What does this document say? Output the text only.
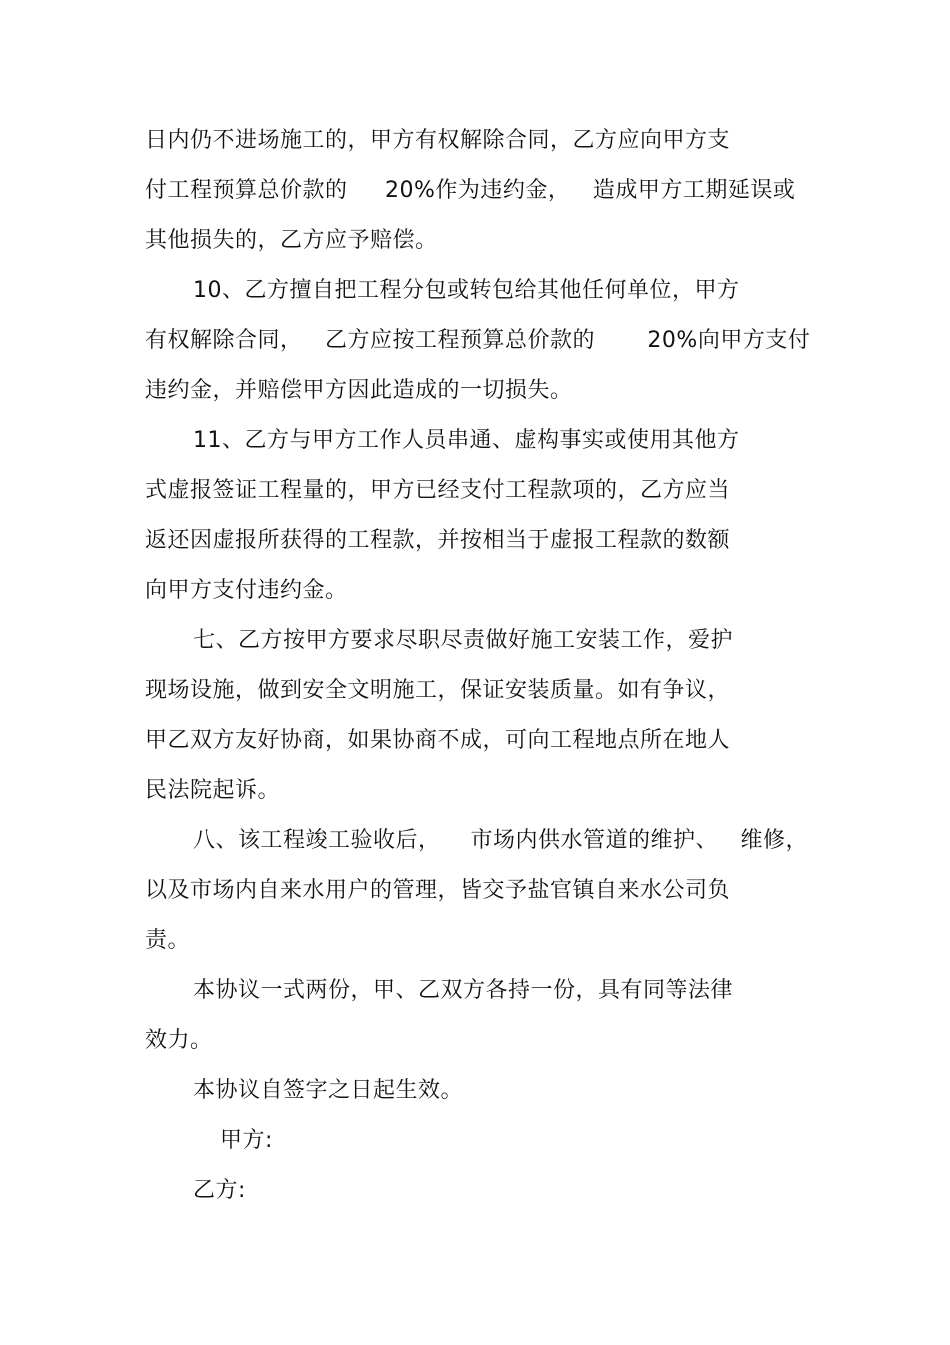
日内仍不进场施工的，甲方有权解除合同，乙方应向甲方支
付工程预算总价款的     20%作为违约金，   造成甲方工期延误或
其他损失的，乙方应予赔偿。
10、乙方擅自把工程分包或转包给其他任何单位，甲方
有权解除合同，   乙方应按工程预算总价款的       20%向甲方支付
违约金，并赔偿甲方因此造成的一切损失。
11、乙方与甲方工作人员串通、虚构事实或使用其他方
式虚报签证工程量的，甲方已经支付工程款项的，乙方应当
返还因虚报所获得的工程款，并按相当于虚报工程款的数额
向甲方支付违约金。
七、乙方按甲方要求尽职尽责做好施工安装工作，爱护
现场设施，做到安全文明施工，保证安装质量。如有争议，
甲乙双方友好协商，如果协商不成，可向工程地点所在地人
民法院起诉。
八、该工程竣工验收后，    市场内供水管道的维护、   维修，
以及市场内自来水用户的管理，皆交予盐官镇自来水公司负
责。
本协议一式两份，甲、乙双方各持一份，具有同等法律
效力。
本协议自签字之日起生效。
甲方:
乙方:
